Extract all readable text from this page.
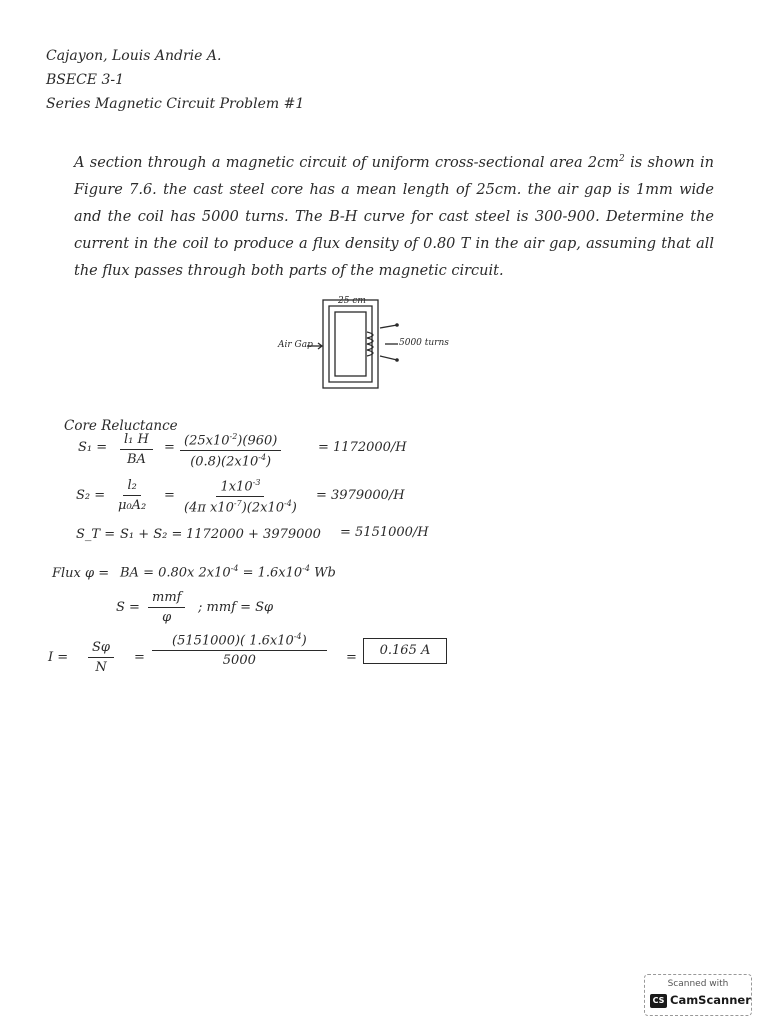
Cajayon, Louis Andrie A.
BSECE 3-1
Series Magnetic Circuit Problem #1
A section through a magnetic circuit of uniform cross-sectional area $2cm^2$ is shown in Figure 7.6. the cast steel core has a mean length of 25cm. the air gap is 1mm wide and the coil has 5000 turns. The B-H curve for cast steel is 300-900. Determine the current in the coil to produce a flux density of 0.80 T in the air gap, assuming that all the flux passes through both parts of the magnetic circuit.
25 cm
Air Gap	5000 turns
Core Reluctance
$S_1 = \frac{\text{l₁ H}}{BA} = \frac{(25x10^{-2})(960)}{(0.8)(2x10^{-4})}$	= 1172000/H
$S_2 = \frac{\text{l₂}}{\text{μ₀A₂}} = \frac{1x10^{-3}}{(4\pi x10^{-7})(2x10^{-4})} = 3979000/H$
S_T = S₁ + S₂ = 1172000 + 3979000 = 5151000/H
Flux φ = BA = 0.80x $2x10^{-4} = 1.6x10^{-4}$ Wb
S =
mmf
φ
; mmf = Sφ
$I = \frac{S\varphi}{N} = \frac{(5151000)( 1.6x10^{-4})}{5000}$ =	0.165 A
Scanned with
CS CamScanner
